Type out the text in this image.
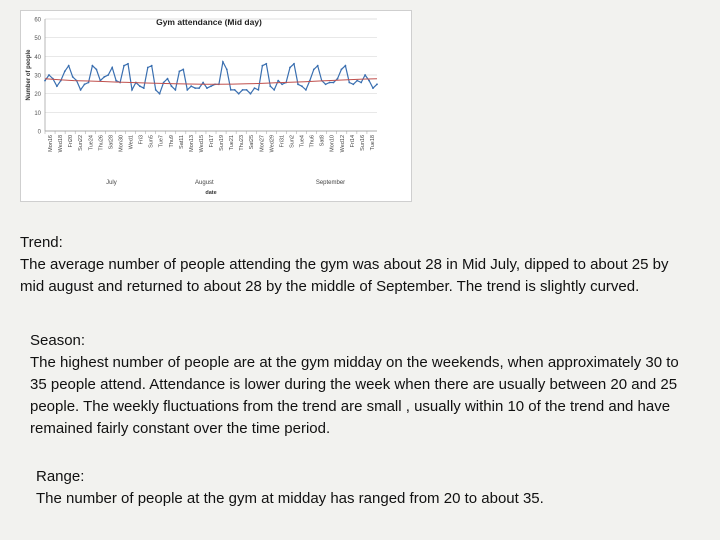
Gym attendance (Mid day)
0
10
20
30
40
50
60
Number of people
Mon16 Wed18 Fri20 Sun22 Tue24 Thu26 Sat28 Mon30 Wed1 Fri3 Sun5 Tue7 Thu9 Sat11 Mon13 Wed15 Fri17 Sun19 Tue21 Thu23 Sat25 Mon27 Wed29 Fri31 Sun2 Tue4 Thu6 Sat8 Mon10 Wed12 Fri14 Sun16 Tue18
July	August	September
date

Trend:

The average number of people attending the gym was about 28 in Mid July, dipped to about 25 by mid august and returned to about 28 by the middle of September. The trend is slightly curved.

Season:

The highest number of people are at the gym midday on the weekends, when approximately 30 to 35 people attend. Attendance is lower during the week when there are usually between 20 and 25 people. The weekly fluctuations from the trend are small , usually within 10 of the trend and have remained fairly constant over the time period.

Range:

The number of people at the gym at midday has ranged from 20 to about 35.
